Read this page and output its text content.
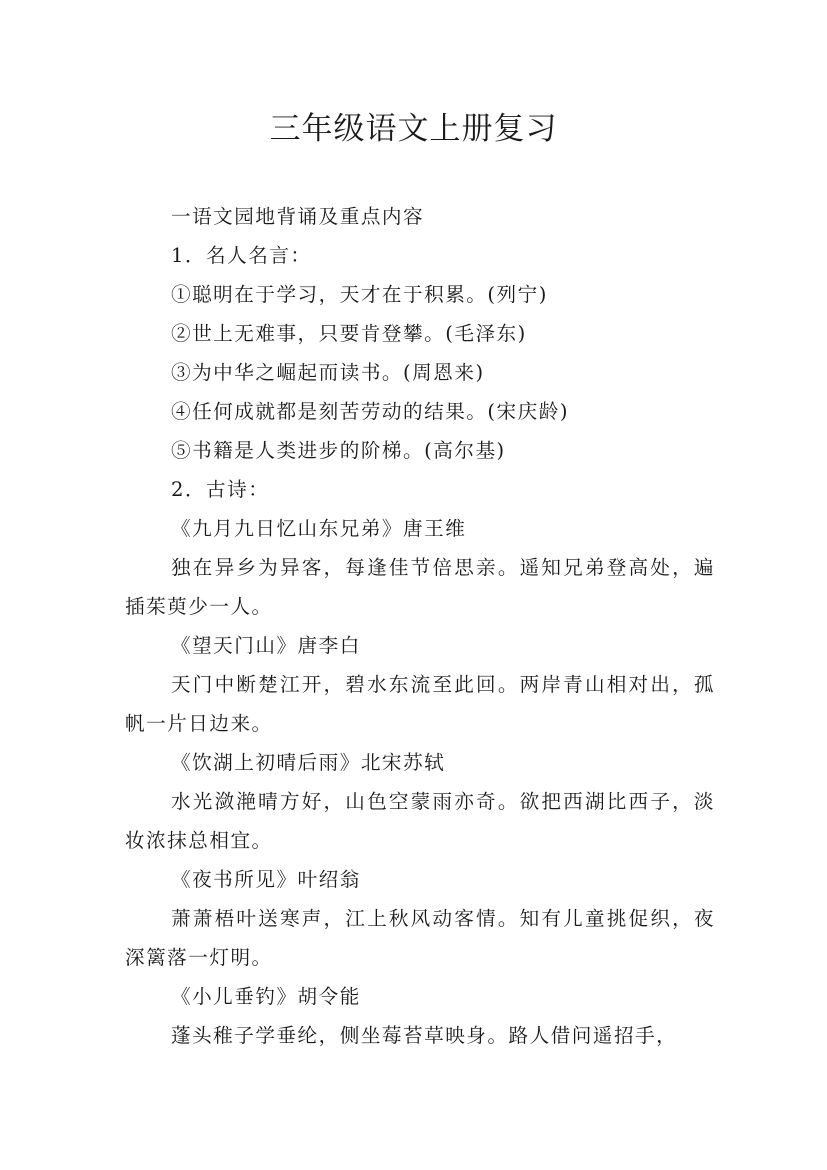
三年级语文上册复习
一语文园地背诵及重点内容
1．名人名言：
①聪明在于学习，天才在于积累。(列宁)
②世上无难事，只要肯登攀。(毛泽东)
③为中华之崛起而读书。(周恩来)
④任何成就都是刻苦劳动的结果。(宋庆龄)
⑤书籍是人类进步的阶梯。(高尔基)
2．古诗：
《九月九日忆山东兄弟》唐王维
独在异乡为异客，每逢佳节倍思亲。遥知兄弟登高处，遍插茱萸少一人。
《望天门山》唐李白
天门中断楚江开，碧水东流至此回。两岸青山相对出，孤帆一片日边来。
《饮湖上初晴后雨》北宋苏轼
水光潋滟晴方好，山色空蒙雨亦奇。欲把西湖比西子，淡妆浓抹总相宜。
《夜书所见》叶绍翁
萧萧梧叶送寒声，江上秋风动客情。知有儿童挑促织，夜深篱落一灯明。
《小儿垂钓》胡令能
蓬头稚子学垂纶，侧坐莓苔草映身。路人借问遥招手，
